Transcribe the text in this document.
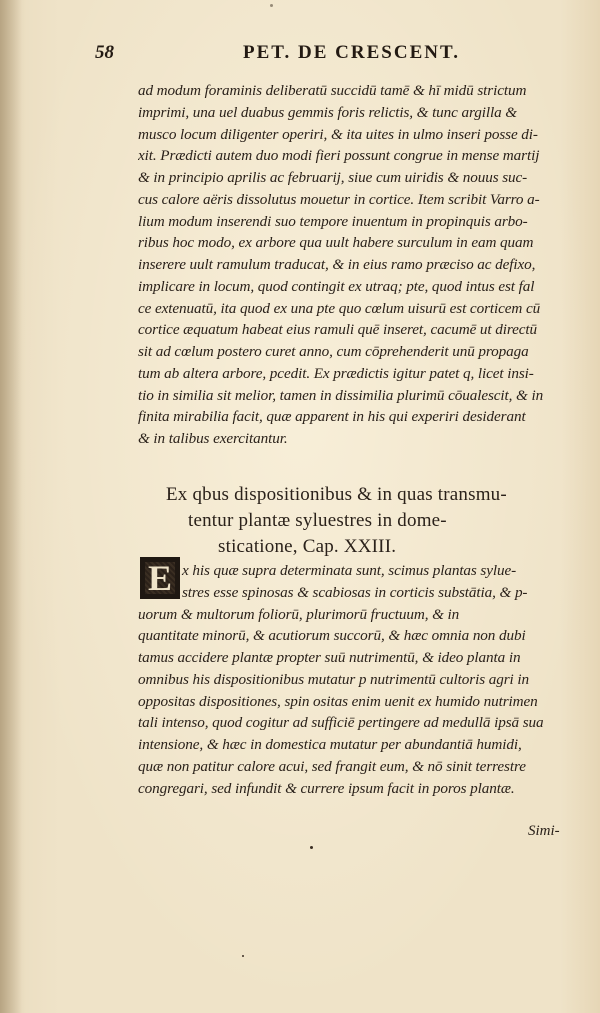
58	PET. DE CRESCENT.
ad modum foraminis deliberatū succidū tamē & hī midū strictum
imprimi, una uel duabus gemmis foris relictis, & tunc argilla &
musco locum diligenter operiri, & ita uites in ulmo inseri posse di-
xit. Prædicti autem duo modi fieri possunt congrue in mense martij
& in principio aprilis ac februarij, siue cum uiridis & nouus suc-
cus calore aëris dissolutus mouetur in cortice. Item scribit Varro a-
lium modum inserendi suo tempore inuentum in propinquis arbo-
ribus hoc modo, ex arbore qua uult habere surculum in eam quam
inserere uult ramulum traducat, & in eius ramo præciso ac defixo,
implicare in locum, quod contingit ex utraq; pte, quod intus est fal
ce extenuatū, ita quod ex una pte quo cœlum uisurū est corticem cū
cortice æquatum habeat eius ramuli quē inseret, cacumē ut directū
sit ad cœlum postero curet anno, cum cōprehenderit unū propaga
tum ab altera arbore, pcedit. Ex prædictis igitur patet q, licet insi-
tio in similia sit melior, tamen in dissimilia plurimū cōualescit, & in
finita mirabilia facit, quæ apparent in his qui experiri desiderant
& in talibus exercitantur.
Ex qbus dispositionibus & in quas transmu-
tentur plantæ syluestres in dome-
sticatione, Cap. XXIII.
E x his quæ supra determinata sunt, scimus plantas sylue-
stres esse spinosas & scabiosas in corticis substātia, & p-
uorum & multorum foliorū, plurimorū fructuum, & in
quantitate minorū, & acutiorum succorū, & hæc omnia non dubi
tamus accidere plantæ propter suū nutrimentū, & ideo planta in
omnibus his dispositionibus mutatur p nutrimentū cultoris agri in
oppositas dispositiones, spin ositas enim uenit ex humido nutrimen
tali intenso, quod cogitur ad sufficiē pertingere ad medullā ipsā sua
intensione, & hæc in domestica mutatur per abundantiā humidi,
quæ non patitur calore acui, sed frangit eum, & nō sinit terrestre
congregari, sed infundit & currere ipsum facit in poros plantæ.
Simi-
